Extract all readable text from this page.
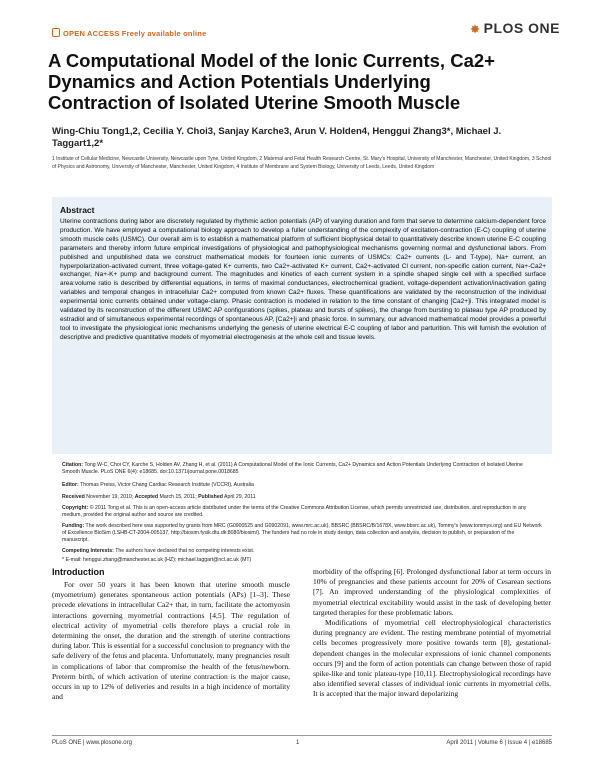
OPEN ACCESS Freely available online	✸ PLOS ONE
A Computational Model of the Ionic Currents, Ca2+ Dynamics and Action Potentials Underlying Contraction of Isolated Uterine Smooth Muscle
Wing-Chiu Tong1,2, Cecilia Y. Choi3, Sanjay Karche3, Arun V. Holden4, Henggui Zhang3*, Michael J. Taggart1,2*
1 Institute of Cellular Medicine, Newcastle University, Newcastle upon Tyne, United Kingdom, 2 Maternal and Fetal Health Research Centre, St. Mary's Hospital, University of Manchester, Manchester, United Kingdom, 3 School of Physics and Astronomy, University of Manchester, Manchester, United Kingdom, 4 Institute of Membrane and System Biology, University of Leeds, Leeds, United Kingdom
Abstract
Uterine contractions during labor are discretely regulated by rhythmic action potentials (AP) of varying duration and form that serve to determine calcium-dependent force production. We have employed a computational biology approach to develop a fuller understanding of the complexity of excitation-contraction (E-C) coupling of uterine smooth muscle cells (USMC). Our overall aim is to establish a mathematical platform of sufficient biophysical detail to quantitatively describe known uterine E-C coupling parameters and thereby inform future empirical investigations of physiological and pathophysiological mechanisms governing normal and dysfunctional labors. From published and unpublished data we construct mathematical models for fourteen ionic currents of USMCs: Ca2+ currents (L- and T-type), Na+ current, an hyperpolarization-activated current, three voltage-gated K+ currents, two Ca2+-activated K+ current, Ca2+-activated Cl current, non-specific cation current, Na+-Ca2+ exchanger, Na+-K+ pump and background current. The magnitudes and kinetics of each current system in a spindle shaped single cell with a specified surface area:volume ratio is described by differential equations, in terms of maximal conductances, electrochemical gradient, voltage-dependent activation/inactivation gating variables and temporal changes in intracellular Ca2+ computed from known Ca2+ fluxes. These quantifications are validated by the reconstruction of the individual experimental ionic currents obtained under voltage-clamp. Phasic contraction is modeled in relation to the time constant of changing [Ca2+]i. This integrated model is validated by its reconstruction of the different USMC AP configurations (spikes, plateau and bursts of spikes), the change from bursting to plateau type AP produced by estradiol and of simultaneous experimental recordings of spontaneous AP, [Ca2+]i and phasic force. In summary, our advanced mathematical model provides a powerful tool to investigate the physiological ionic mechanisms underlying the genesis of uterine electrical E-C coupling of labor and parturition. This will furnish the evolution of descriptive and predictive quantitative models of myometrial electrogenesis at the whole cell and tissue levels.
Citation: Tong W-C, Choi CY, Karche S, Holden AV, Zhang H, et al. (2011) A Computational Model of the Ionic Currents, Ca2+ Dynamics and Action Potentials Underlying Contraction of Isolated Uterine Smooth Muscle. PLoS ONE 6(4): e18685. doi:10.1371/journal.pone.0018685
Editor: Thomas Preiss, Victor Chang Cardiac Research Institute (VCCRI), Australia
Received November 19, 2010; Accepted March 15, 2011; Published April 29, 2011
Copyright: © 2011 Tong et al. This is an open-access article distributed under the terms of the Creative Commons Attribution License, which permits unrestricted use, distribution, and reproduction in any medium, provided the original author and source are credited.
Funding: The work described here was supported by grants from MRC (G0900525 and G0902091, www.mrc.ac.uk), BBSRC (BBSRC/B/1678X, www.bbsrc.ac.uk), Tommy's (www.tommys.org) and EU Network of Excellence BioSim (LSHB-CT-2004-005137, http://biosim.fysik.dtu.dk:8080/biosim/). The funders had no role in study design, data collection and analysis, decision to publish, or preparation of the manuscript.
Competing Interests: The authors have declared that no competing interests exist.
* E-mail: henggui.zhang@manchester.ac.uk (HZ); michael.taggart@ncl.ac.uk (MT)
Introduction

For over 50 years it has been known that uterine smooth muscle (myometrium) generates spontaneous action potentials (APs) [1–3]. These precede elevations in intracellular Ca2+ that, in turn, facilitate the actomyosin interactions governing myometrial contractions [4,5]. The regulation of electrical activity of myometrial cells therefore plays a crucial role in determining the onset, the duration and the strength of uterine contractions during labor. This is essential for a successful conclusion to pregnancy with the safe delivery of the fetus and placenta. Unfortunately, many pregnancies result in complications of labor that compromise the health of the fetus/newborn. Preterm birth, of which activation of uterine contraction is the major cause, occurs in up to 12% of deliveries and results in a high incidence of mortality and

morbidity of the offspring [6]. Prolonged dysfunctional labor at term occurs in 10% of pregnancies and these patients account for 20% of Cesarean sections [7]. An improved understanding of the physiological complexities of myometrial electrical excitability would assist in the task of developing better targeted therapies for these problematic labors.

Modifications of myometrial cell electrophysiological characteristics during pregnancy are evident. The resting membrane potential of myometrial cells becomes progressively more positive towards term [8], gestational-dependent changes in the molecular expressions of ionic channel components occurs [9] and the form of action potentials can change between those of rapid spike-like and tonic plateau-type [10,11]. Electrophysiological recordings have also identified several classes of individual ionic currents in myometrial cells. It is accepted that the major inward depolarizing

PLoS ONE | www.plosone.org	1	April 2011 | Volume 6 | Issue 4 | e18685
